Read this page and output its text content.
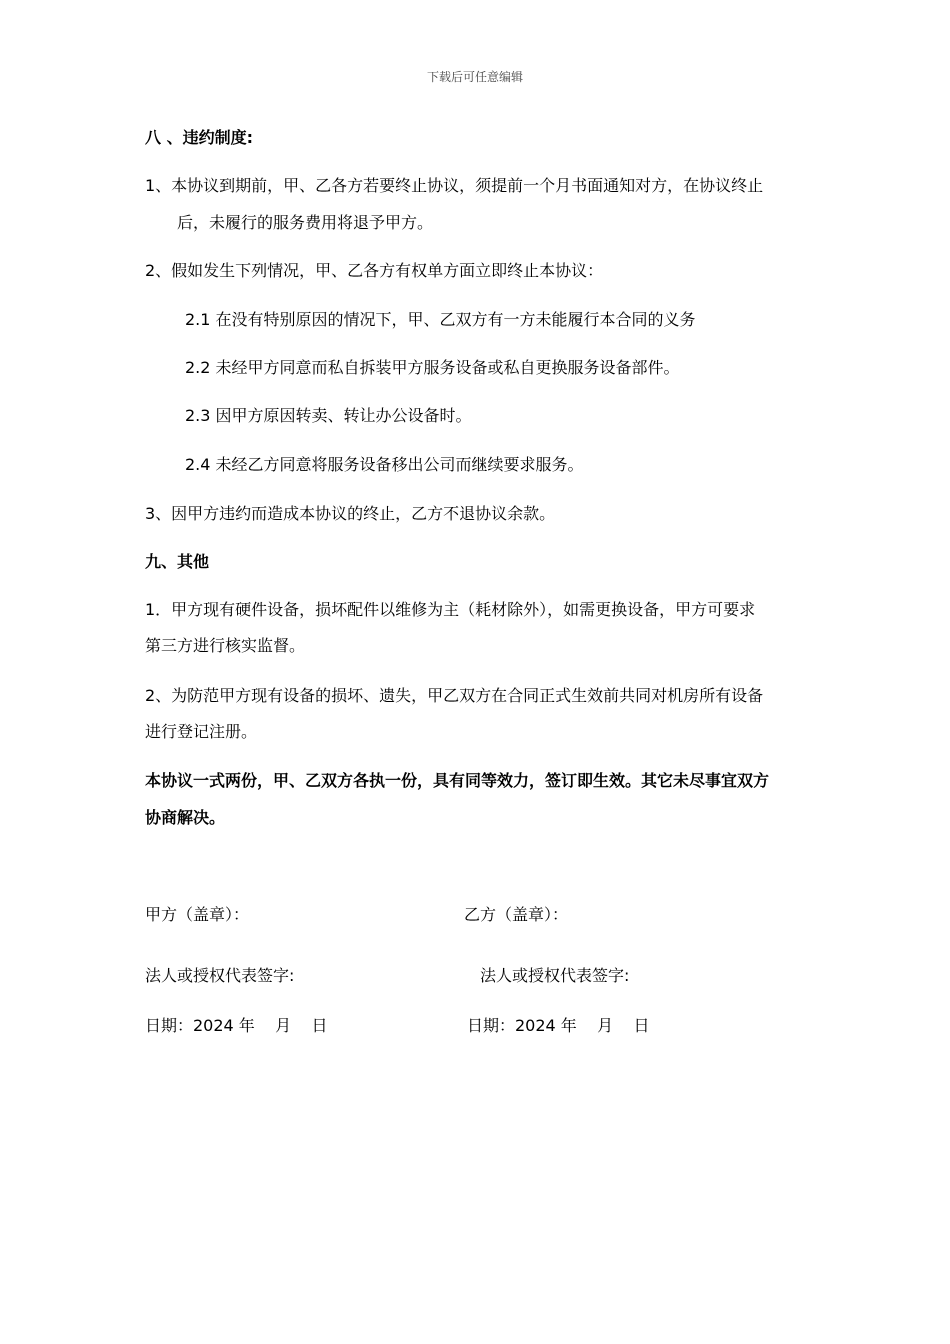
下载后可任意编辑
八 、违约制度:
1、本协议到期前，甲、乙各方若要终止协议，须提前一个月书面通知对方，在协议终止
后，未履行的服务费用将退予甲方。
2、假如发生下列情况，甲、乙各方有权单方面立即终止本协议：
2.1 在没有特别原因的情况下，甲、乙双方有一方未能履行本合同的义务
2.2 未经甲方同意而私自拆装甲方服务设备或私自更换服务设备部件。
2.3 因甲方原因转卖、转让办公设备时。
2.4 未经乙方同意将服务设备移出公司而继续要求服务。
3、因甲方违约而造成本协议的终止，乙方不退协议余款。
九、其他
1．甲方现有硬件设备，损坏配件以维修为主（耗材除外），如需更换设备，甲方可要求
第三方进行核实监督。
2、为防范甲方现有设备的损坏、遗失，甲乙双方在合同正式生效前共同对机房所有设备
进行登记注册。
本协议一式两份，甲、乙双方各执一份，具有同等效力，签订即生效。其它未尽事宜双方
协商解决。
甲方（盖章）：	乙方（盖章）：
法人或授权代表签字:	法人或授权代表签字:
日期：2024 年    月    日	日期：2024 年    月    日
